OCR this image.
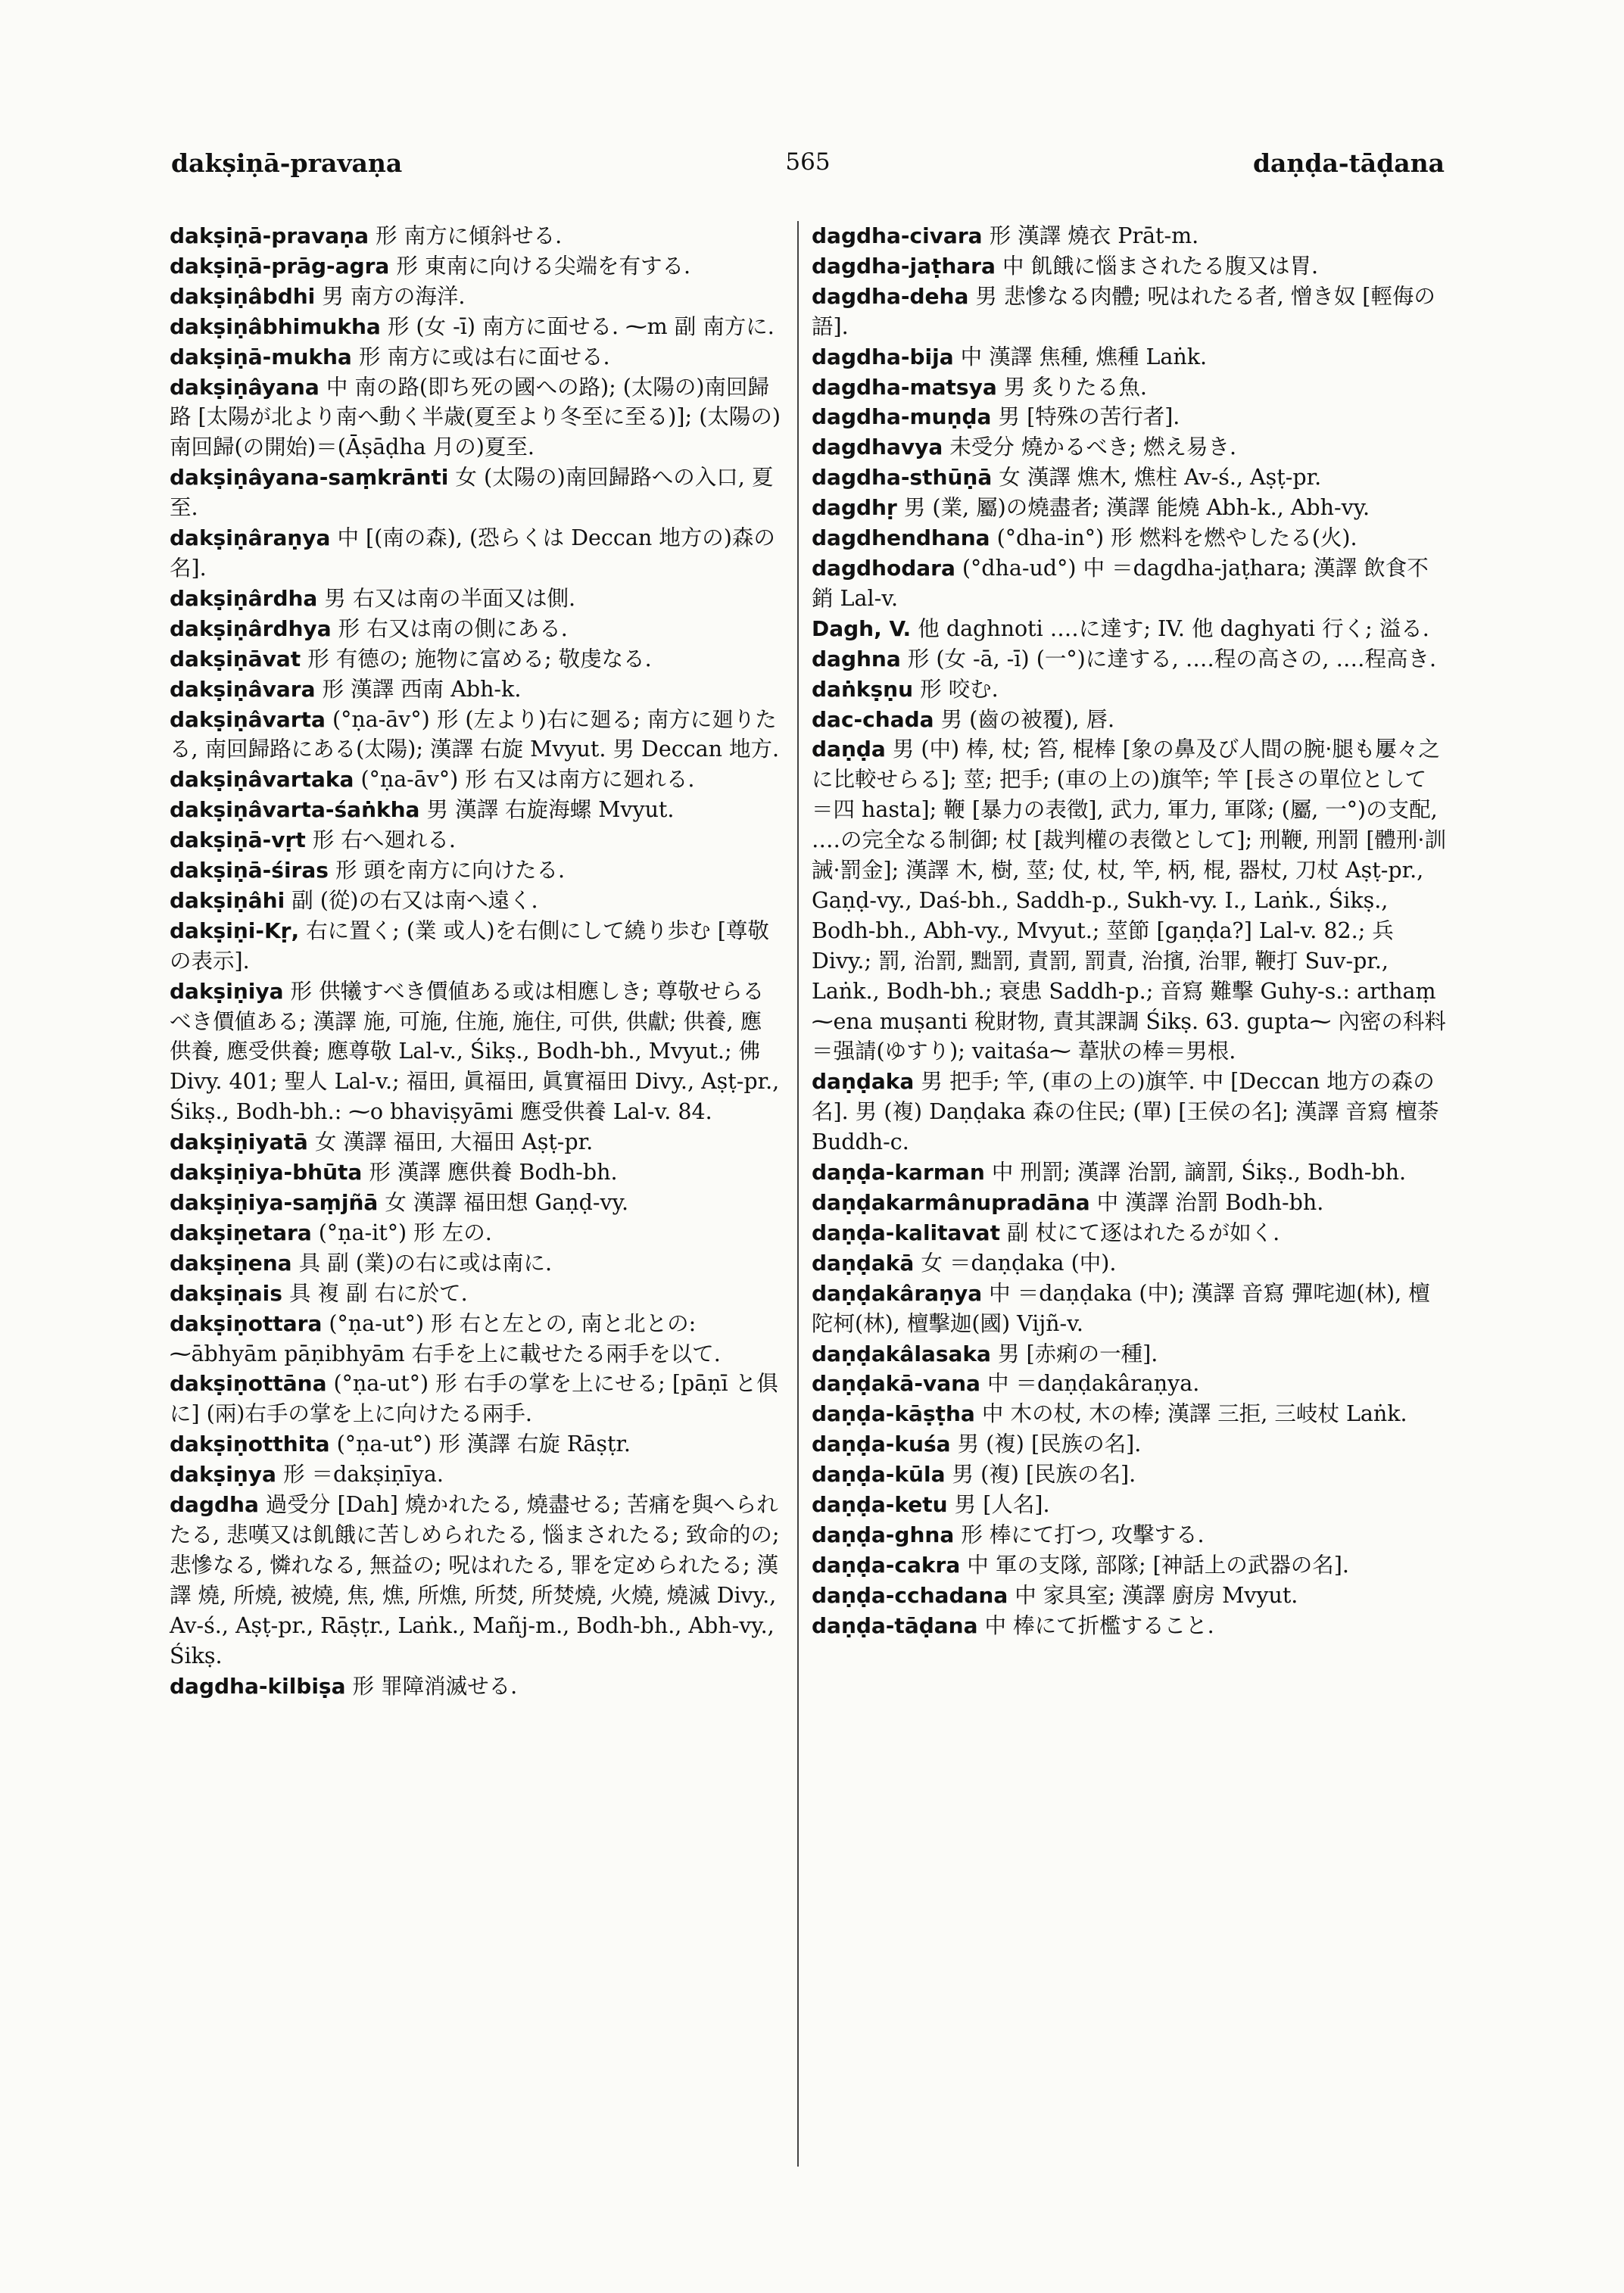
dakṣiṇā-pravaṇa	565	daṇḍa-tāḍana

dakṣiṇā-pravaṇa 形 南方に傾斜せる.

dakṣiṇā-prāg-agra 形 東南に向ける尖端を有する.

dakṣiṇâbdhi 男 南方の海洋.

dakṣiṇâbhimukha 形 (女 -ī) 南方に面せる. ⁓m 副 南方に.

dakṣiṇā-mukha 形 南方に或は右に面せる.

dakṣiṇâyana 中 南の路(即ち死の國への路); (太陽の)南回歸路 [太陽が北より南へ動く半歳(夏至より冬至に至る)]; (太陽の)南回歸(の開始)＝(Āṣāḍha 月の)夏至.

dakṣiṇâyana-saṃkrānti 女 (太陽の)南回歸路への入口, 夏至.

dakṣiṇâraṇya 中 [(南の森), (恐らくは Deccan 地方の)森の名].

dakṣiṇârdha 男 右又は南の半面又は側.

dakṣiṇârdhya 形 右又は南の側にある.

dakṣiṇāvat 形 有德の; 施物に富める; 敬虔なる.

dakṣiṇâvara 形 漢譯 西南 Abh-k.

dakṣiṇâvarta (°ṇa-āv°) 形 (左より)右に廻る; 南方に廻りたる, 南回歸路にある(太陽); 漢譯 右旋 Mvyut. 男 Deccan 地方.

dakṣiṇâvartaka (°ṇa-āv°) 形 右又は南方に廻れる.

dakṣiṇâvarta-śaṅkha 男 漢譯 右旋海螺 Mvyut.

dakṣiṇā-vṛt 形 右へ廻れる.

dakṣiṇā-śiras 形 頭を南方に向けたる.

dakṣiṇâhi 副 (從)の右又は南へ遠く.

dakṣiṇi-Kṛ, 右に置く; (業 或人)を右側にして繞り歩む [尊敬の表示].

dakṣiṇiya 形 供犧すべき價値ある或は相應しき; 尊敬せらるべき價値ある; 漢譯 施, 可施, 住施, 施住, 可供, 供獻; 供養, 應供養, 應受供養; 應尊敬 Lal-v., Śikṣ., Bodh-bh., Mvyut.; 佛 Divy. 401; 聖人 Lal-v.; 福田, 眞福田, 眞實福田 Divy., Aṣṭ-pr., Śikṣ., Bodh-bh.: ⁓o bhaviṣyāmi 應受供養 Lal-v. 84.

dakṣiṇiyatā 女 漢譯 福田, 大福田 Aṣṭ-pr.

dakṣiṇiya-bhūta 形 漢譯 應供養 Bodh-bh.

dakṣiṇiya-saṃjñā 女 漢譯 福田想 Gaṇḍ-vy.

dakṣiṇetara (°ṇa-it°) 形 左の.

dakṣiṇena 具 副 (業)の右に或は南に.

dakṣiṇais 具 複 副 右に於て.

dakṣiṇottara (°ṇa-ut°) 形 右と左との, 南と北との: ⁓ābhyām pāṇibhyām 右手を上に載せたる兩手を以て.

dakṣiṇottāna (°ṇa-ut°) 形 右手の掌を上にせる; [pāṇī と俱に] (兩)右手の掌を上に向けたる兩手.

dakṣiṇotthita (°ṇa-ut°) 形 漢譯 右旋 Rāṣṭr.

dakṣiṇya 形 ＝dakṣiṇīya.

dagdha 過受分 [Dah] 燒かれたる, 燒盡せる; 苦痛を與へられたる, 悲嘆又は飢餓に苦しめられたる, 惱まされたる; 致命的の; 悲慘なる, 憐れなる, 無益の; 呪はれたる, 罪を定められたる; 漢譯 燒, 所燒, 被燒, 焦, 燋, 所燋, 所焚, 所焚燒, 火燒, 燒滅 Divy., Av-ś., Aṣṭ-pr., Rāṣṭr., Laṅk., Mañj-m., Bodh-bh., Abh-vy., Śikṣ.

dagdha-kilbiṣa 形 罪障消滅せる.

dagdha-civara 形 漢譯 燒衣 Prāt-m.

dagdha-jaṭhara 中 飢餓に惱まされたる腹又は胃.

dagdha-deha 男 悲慘なる肉體; 呪はれたる者, 憎き奴 [輕侮の語].

dagdha-bija 中 漢譯 焦種, 燋種 Laṅk.

dagdha-matsya 男 炙りたる魚.

dagdha-muṇḍa 男 [特殊の苦行者].

dagdhavya 未受分 燒かるべき; 燃え易き.

dagdha-sthūṇā 女 漢譯 燋木, 燋柱 Av-ś., Aṣṭ-pr.

dagdhṛ 男 (業, 屬)の燒盡者; 漢譯 能燒 Abh-k., Abh-vy.

dagdhendhana (°dha-in°) 形 燃料を燃やしたる(火).

dagdhodara (°dha-ud°) 中 ＝dagdha-jaṭhara; 漢譯 飲食不銷 Lal-v.

Dagh, V. 他 daghnoti ‥‥に達す; IV. 他 daghyati 行く; 溢る.

daghna 形 (女 -ā, -ī) (一°)に達する, ‥‥程の高さの, ‥‥程高き.

daṅkṣṇu 形 咬む.

dac-chada 男 (齒の被覆), 唇.

daṇḍa 男 (中) 棒, 杖; 笞, 棍棒 [象の鼻及び人間の腕·腿も屢々之に比較せらる]; 莖; 把手; (車の上の)旗竿; 竿 [長さの單位として＝四 hasta]; 鞭 [暴力の表徵], 武力, 軍力, 軍隊; (屬, 一°)の支配, ‥‥の完全なる制御; 杖 [裁判權の表徵として]; 刑鞭, 刑罰 [體刑·訓誡·罰金]; 漢譯 木, 樹, 莖; 仗, 杖, 竿, 柄, 棍, 器杖, 刀杖 Aṣṭ-pr., Gaṇḍ-vy., Daś-bh., Saddh-p., Sukh-vy. I., Laṅk., Śikṣ., Bodh-bh., Abh-vy., Mvyut.; 莖節 [gaṇḍa?] Lal-v. 82.; 兵 Divy.; 罰, 治罰, 黜罰, 責罰, 罰責, 治擯, 治罪, 鞭打 Suv-pr., Laṅk., Bodh-bh.; 衰患 Saddh-p.; 音寫 難擊 Guhy-s.: arthaṃ ⁓ena muṣanti 稅財物, 責其課調 Śikṣ. 63. gupta⁓ 內密の科料＝强請(ゆすり); vaitaśa⁓ 葦狀の棒＝男根.

daṇḍaka 男 把手; 竿, (車の上の)旗竿. 中 [Deccan 地方の森の名]. 男 (複) Daṇḍaka 森の住民; (單) [王侯の名]; 漢譯 音寫 檀荼 Buddh-c.

daṇḍa-karman 中 刑罰; 漢譯 治罰, 謫罰, Śikṣ., Bodh-bh.

daṇḍakarmânupradāna 中 漢譯 治罰 Bodh-bh.

daṇḍa-kalitavat 副 杖にて逐はれたるが如く.

daṇḍakā 女 ＝daṇḍaka (中).

daṇḍakâraṇya 中 ＝daṇḍaka (中); 漢譯 音寫 彈咤迦(林), 檀陀柯(林), 檀擊迦(國) Vijñ-v.

daṇḍakâlasaka 男 [赤痢の一種].

daṇḍakā-vana 中 ＝daṇḍakâraṇya.

daṇḍa-kāṣṭha 中 木の杖, 木の棒; 漢譯 三拒, 三岐杖 Laṅk.

daṇḍa-kuśa 男 (複) [民族の名].

daṇḍa-kūla 男 (複) [民族の名].

daṇḍa-ketu 男 [人名].

daṇḍa-ghna 形 棒にて打つ, 攻擊する.

daṇḍa-cakra 中 軍の支隊, 部隊; [神話上の武器の名].

daṇḍa-cchadana 中 家具室; 漢譯 廚房 Mvyut.

daṇḍa-tāḍana 中 棒にて折檻すること.
